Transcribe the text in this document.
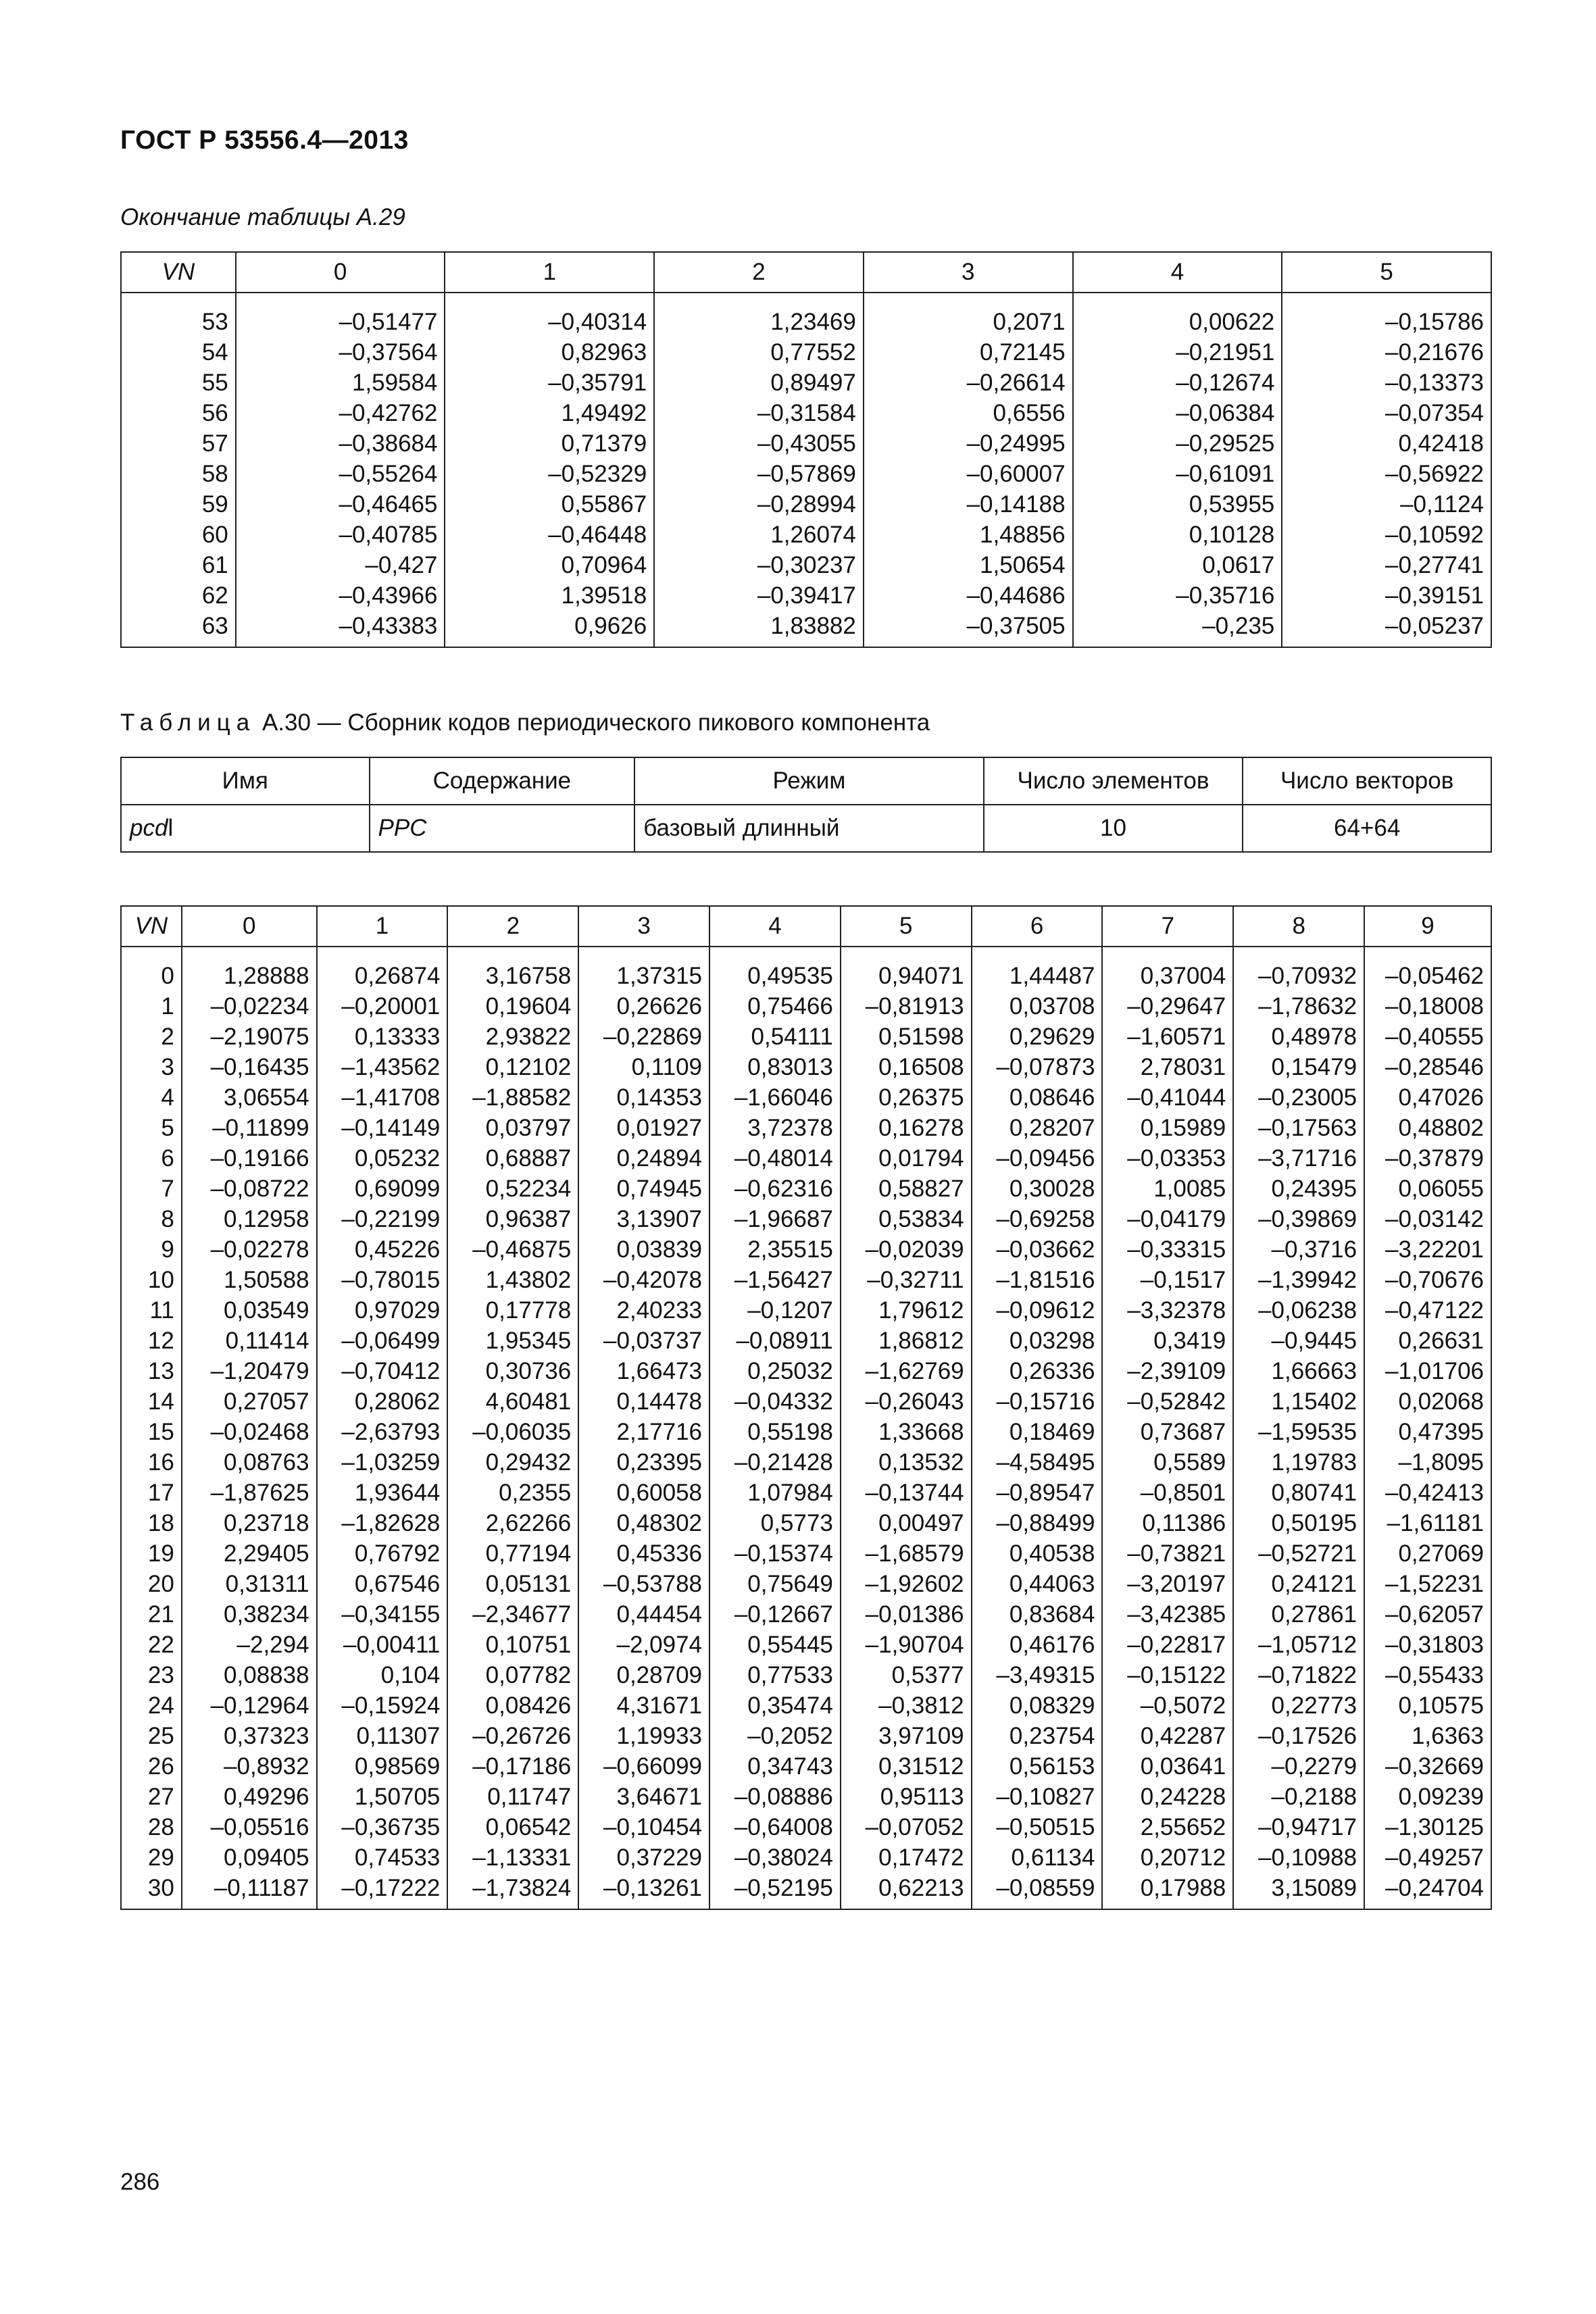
ГОСТ Р 53556.4—2013
Окончание таблицы А.29
VN	0	1	2	3	4	5

53	–0,51477	–0,40314	1,23469	0,2071	0,00622	–0,15786
54	–0,37564	0,82963	0,77552	0,72145	–0,21951	–0,21676
55	1,59584	–0,35791	0,89497	–0,26614	–0,12674	–0,13373
56	–0,42762	1,49492	–0,31584	0,6556	–0,06384	–0,07354
57	–0,38684	0,71379	–0,43055	–0,24995	–0,29525	0,42418
58	–0,55264	–0,52329	–0,57869	–0,60007	–0,61091	–0,56922
59	–0,46465	0,55867	–0,28994	–0,14188	0,53955	–0,1124
60	–0,40785	–0,46448	1,26074	1,48856	0,10128	–0,10592
61	–0,427	0,70964	–0,30237	1,50654	0,0617	–0,27741
62	–0,43966	1,39518	–0,39417	–0,44686	–0,35716	–0,39151
63	–0,43383	0,9626	1,83882	–0,37505	–0,235	–0,05237
Таблица А.30 — Сборник кодов периодического пикового компонента
Имя	Содержание	Режим	Число элементов	Число векторов
pcdl	PPC	базовый длинный	10	64+64
VN	0	1	2	3	4	5	6	7	8	9

0	1,28888	0,26874	3,16758	1,37315	0,49535	0,94071	1,44487	0,37004	–0,70932	–0,05462
1	–0,02234	–0,20001	0,19604	0,26626	0,75466	–0,81913	0,03708	–0,29647	–1,78632	–0,18008
2	–2,19075	0,13333	2,93822	–0,22869	0,54111	0,51598	0,29629	–1,60571	0,48978	–0,40555
3	–0,16435	–1,43562	0,12102	0,1109	0,83013	0,16508	–0,07873	2,78031	0,15479	–0,28546
4	3,06554	–1,41708	–1,88582	0,14353	–1,66046	0,26375	0,08646	–0,41044	–0,23005	0,47026
5	–0,11899	–0,14149	0,03797	0,01927	3,72378	0,16278	0,28207	0,15989	–0,17563	0,48802
6	–0,19166	0,05232	0,68887	0,24894	–0,48014	0,01794	–0,09456	–0,03353	–3,71716	–0,37879
7	–0,08722	0,69099	0,52234	0,74945	–0,62316	0,58827	0,30028	1,0085	0,24395	0,06055
8	0,12958	–0,22199	0,96387	3,13907	–1,96687	0,53834	–0,69258	–0,04179	–0,39869	–0,03142
9	–0,02278	0,45226	–0,46875	0,03839	2,35515	–0,02039	–0,03662	–0,33315	–0,3716	–3,22201
10	1,50588	–0,78015	1,43802	–0,42078	–1,56427	–0,32711	–1,81516	–0,1517	–1,39942	–0,70676
11	0,03549	0,97029	0,17778	2,40233	–0,1207	1,79612	–0,09612	–3,32378	–0,06238	–0,47122
12	0,11414	–0,06499	1,95345	–0,03737	–0,08911	1,86812	0,03298	0,3419	–0,9445	0,26631
13	–1,20479	–0,70412	0,30736	1,66473	0,25032	–1,62769	0,26336	–2,39109	1,66663	–1,01706
14	0,27057	0,28062	4,60481	0,14478	–0,04332	–0,26043	–0,15716	–0,52842	1,15402	0,02068
15	–0,02468	–2,63793	–0,06035	2,17716	0,55198	1,33668	0,18469	0,73687	–1,59535	0,47395
16	0,08763	–1,03259	0,29432	0,23395	–0,21428	0,13532	–4,58495	0,5589	1,19783	–1,8095
17	–1,87625	1,93644	0,2355	0,60058	1,07984	–0,13744	–0,89547	–0,8501	0,80741	–0,42413
18	0,23718	–1,82628	2,62266	0,48302	0,5773	0,00497	–0,88499	0,11386	0,50195	–1,61181
19	2,29405	0,76792	0,77194	0,45336	–0,15374	–1,68579	0,40538	–0,73821	–0,52721	0,27069
20	0,31311	0,67546	0,05131	–0,53788	0,75649	–1,92602	0,44063	–3,20197	0,24121	–1,52231
21	0,38234	–0,34155	–2,34677	0,44454	–0,12667	–0,01386	0,83684	–3,42385	0,27861	–0,62057
22	–2,294	–0,00411	0,10751	–2,0974	0,55445	–1,90704	0,46176	–0,22817	–1,05712	–0,31803
23	0,08838	0,104	0,07782	0,28709	0,77533	0,5377	–3,49315	–0,15122	–0,71822	–0,55433
24	–0,12964	–0,15924	0,08426	4,31671	0,35474	–0,3812	0,08329	–0,5072	0,22773	0,10575
25	0,37323	0,11307	–0,26726	1,19933	–0,2052	3,97109	0,23754	0,42287	–0,17526	1,6363
26	–0,8932	0,98569	–0,17186	–0,66099	0,34743	0,31512	0,56153	0,03641	–0,2279	–0,32669
27	0,49296	1,50705	0,11747	3,64671	–0,08886	0,95113	–0,10827	0,24228	–0,2188	0,09239
28	–0,05516	–0,36735	0,06542	–0,10454	–0,64008	–0,07052	–0,50515	2,55652	–0,94717	–1,30125
29	0,09405	0,74533	–1,13331	0,37229	–0,38024	0,17472	0,61134	0,20712	–0,10988	–0,49257
30	–0,11187	–0,17222	–1,73824	–0,13261	–0,52195	0,62213	–0,08559	0,17988	3,15089	–0,24704
286
